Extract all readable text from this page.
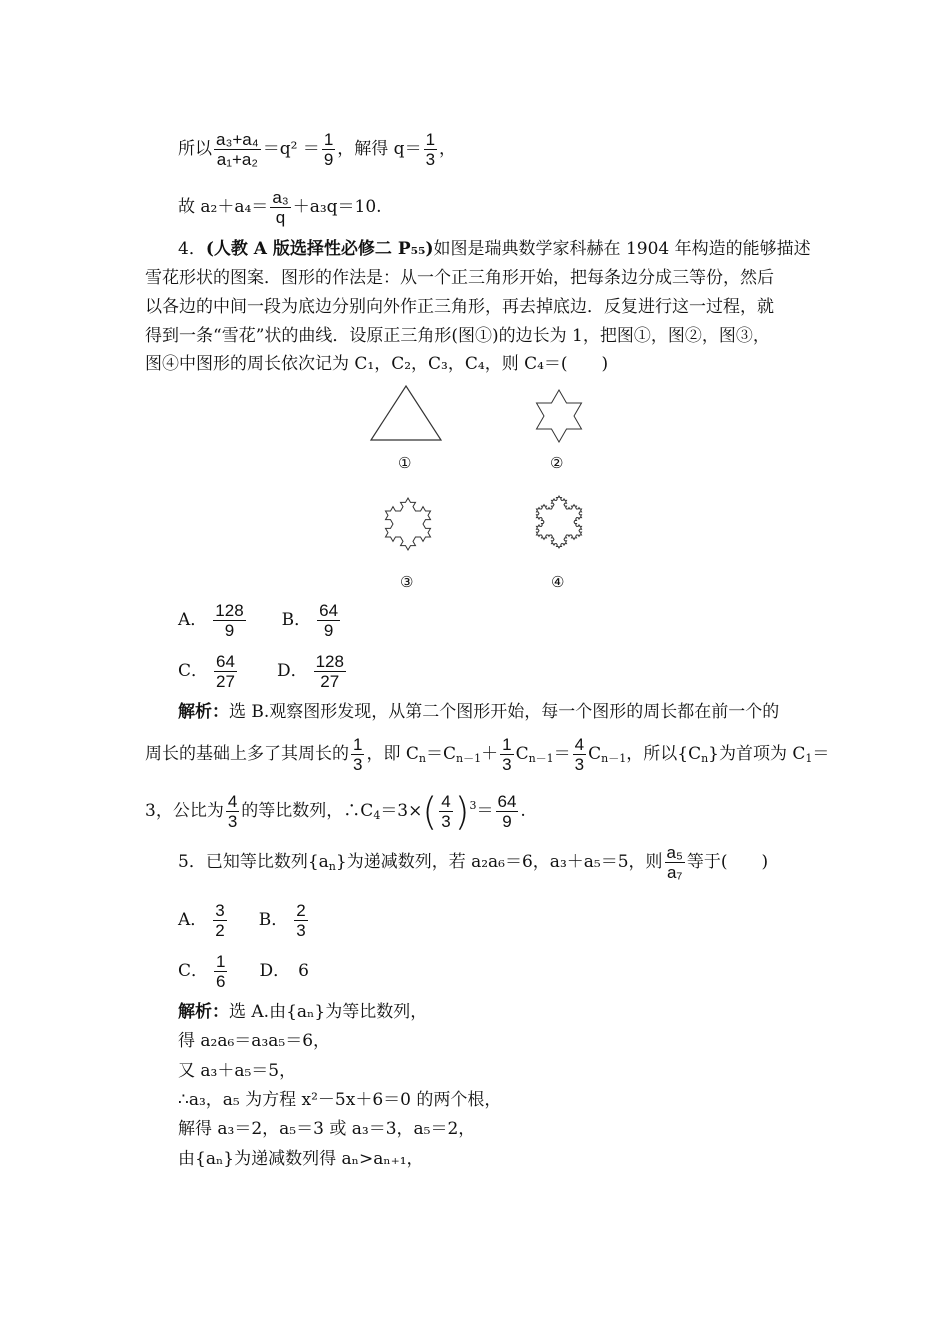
所以 $\frac{\text{a₃+a₄}}{\text{a₁+a₂}} =q^2 = \frac{1}{9}$ ，解得 $q= \frac{1}{3}$ ，
故 $a_2+a_4= \frac{\text{a₃}}{q} +a_3q=10$.
4．(人教 A 版选择性必修二 P₅₅)如图是瑞典数学家科赫在 1904 年构造的能够描述
雪花形状的图案．图形的作法是：从一个正三角形开始，把每条边分成三等份，然后
以各边的中间一段为底边分别向外作正三角形，再去掉底边．反复进行这一过程，就
得到一条“雪花”状的曲线．设原正三角形(图①)的边长为 1，把图①，图②，图③，
图④中图形的周长依次记为 C₁，C₂，C₃，C₄，则 C₄＝(　　)
①	②
③	④
A． $\frac{128}{9}$ B． $\frac{64}{9}$
C． $\frac{64}{27}$ D． $\frac{128}{27}$
解析：选 B.观察图形发现，从第二个图形开始，每一个图形的周长都在前一个的
周长的基础上多了其周长的 $\frac{1}{3}$ ，即 $C_n=C_{n-1}+ \frac{1}{3} C_{n-1}= \frac{4}{3} C_{n-1}$，所以$\{C_n\}$为首项为 $C_1=$
3，公比为 $\frac{4}{3}$ 的等比数列，$\therefore C_4=3\times( \frac{4}{3} )^3= \frac{64}{9}$ .
5．已知等比数列$\{a_n\}$为递减数列，若 a₂a₆＝6，a₃＋a₅＝5，则 $\frac{\text{a₅}}{\text{a₇}}$ 等于(　　)
A． $\frac{3}{2}$ B． $\frac{2}{3}$
C． $\frac{1}{6}$ D． 6
解析：选 A.由{aₙ}为等比数列，
得 a₂a₆＝a₃a₅＝6，
又 a₃＋a₅＝5，
∴a₃，a₅ 为方程 x²－5x＋6＝0 的两个根，
解得 a₃＝2，a₅＝3 或 a₃＝3，a₅＝2，
由{aₙ}为递减数列得 aₙ>aₙ₊₁，
